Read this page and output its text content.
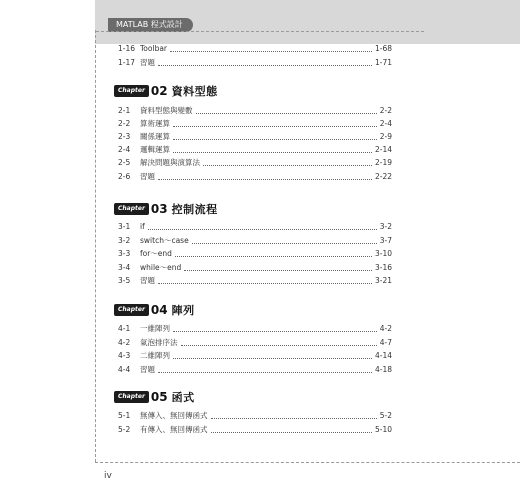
MATLAB 程式設計
iv
1-16 Toolbar	1-68
1-17 習題	1-71
Chapter 02 資料型態
2-1	資料型態與變數	2-2
2-2	算術運算	2-4
2-3	關係運算	2-9
2-4	邏輯運算	2-14
2-5	解決問題與演算法	2-19
2-6	習題	2-22
Chapter 03 控制流程
3-1	if	3-2
3-2	switch～case	3-7
3-3	for～end	3-10
3-4	while～end	3-16
3-5	習題	3-21
Chapter 04 陣列
4-1	一維陣列	4-2
4-2	氣泡排序法	4-7
4-3	二維陣列	4-14
4-4	習題	4-18
Chapter 05 函式
5-1	無傳入、無回傳函式	5-2
5-2	有傳入、無回傳函式	5-10
